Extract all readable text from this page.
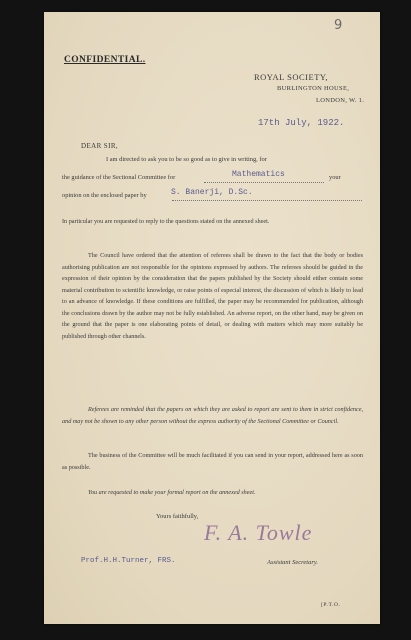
9
CONFIDENTIAL.
ROYAL SOCIETY,
BURLINGTON HOUSE,
LONDON, W. 1.
17th July, 1922.
DEAR SIR,
I am directed to ask you to be so good as to give in writing, for
the guidance of the Sectional Committee for	Mathematics	your
opinion on the enclosed paper by	S. Banerji, D.Sc.
In particular you are requested to reply to the questions stated on the annexed sheet.
The Council have ordered that the attention of referees shall be drawn to the fact that the body or bodies authorising publication are not responsible for the opinions expressed by authors. The referees should be guided in the expression of their opinion by the consideration that the papers published by the Society should either contain some material contribution to scientific knowledge, or raise points of especial interest, the discussion of which is likely to lead to an advance of knowledge. If these conditions are fulfilled, the paper may be recommended for publication, although the conclusions drawn by the author may not be fully established. An adverse report, on the other hand, may be given on the ground that the paper is one elaborating points of detail, or dealing with matters which may more suitably be published through other channels.
Referees are reminded that the papers on which they are asked to report are sent to them in strict confidence, and may not be shown to any other person without the express authority of the Sectional Committee or Council.
The business of the Committee will be much facilitated if you can send in your report, addressed here as soon as possible.
You are requested to make your formal report on the annexed sheet.
Yours faithfully,
F. A. Towle
Prof.H.H.Turner, FRS.	Assistant Secretary.
[P.T.O.
